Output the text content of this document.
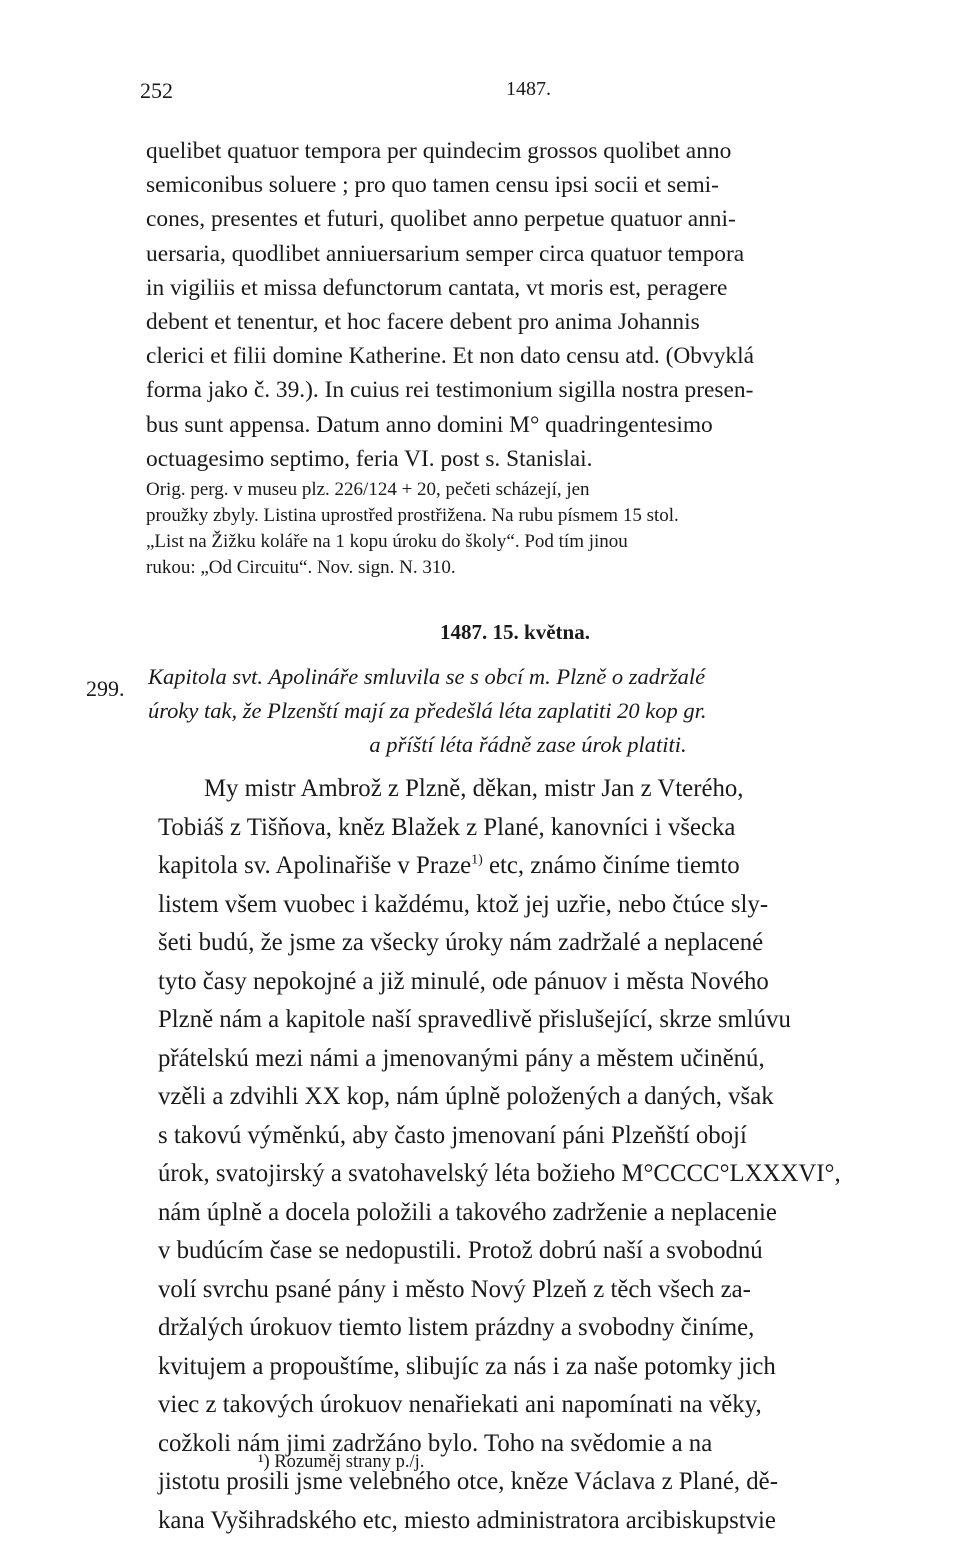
252	1487.
quelibet quatuor tempora per quindecim grossos quolibet anno
semiconibus soluere ; pro quo tamen censu ipsi socii et semi-
cones, presentes et futuri, quolibet anno perpetue quatuor anni-
uersaria, quodlibet anniuersarium semper circa quatuor tempora
in vigiliis et missa defunctorum cantata, vt moris est, peragere
debent et tenentur, et hoc facere debent pro anima Johannis
clerici et filii domine Katherine. Et non dato censu atd. (Obvyklá
forma jako č. 39.). In cuius rei testimonium sigilla nostra presen-
bus sunt appensa. Datum anno domini M° quadringentesimo
octuagesimo septimo, feria VI. post s. Stanislai.
Orig. perg. v museu plz. 226/124 + 20, pečeti scházejí, jen
proužky zbyly. Listina uprostřed prostřižena. Na rubu písmem 15 stol.
„List na Žižku koláře na 1 kopu úroku do školy“. Pod tím jinou
rukou: „Od Circuitu“. Nov. sign. N. 310.
1487. 15. května.
299. Kapitola svt. Apolináře smluvila se s obcí m. Plzně o zadržalé
úroky tak, že Plzenští mají za předešlá léta zaplatiti 20 kop gr.
a příští léta řádně zase úrok platiti.
My mistr Ambrož z Plzně, děkan, mistr Jan z Vterého,
Tobiáš z Tišňova, kněz Blažek z Plané, kanovníci i všecka
kapitola sv. Apolinařiše v Praze$^{1)}$ etc, známo činíme tiemto
listem všem vuobec i každému, ktož jej uzřie, nebo čtúce sly-
šeti budú, že jsme za všecky úroky nám zadržalé a neplacené
tyto časy nepokojné a již minulé, ode pánuov i města Nového
Plzně nám a kapitole naší spravedlivě přislušející, skrze smlúvu
přátelskú mezi námi a jmenovanými pány a městem učiněnú,
vzěli a zdvihli XX kop, nám úplně položených a daných, však
s takovú výměnkú, aby často jmenovaní páni Plzeňští obojí
úrok, svatojirský a svatohavelský léta božieho M°CCCC°LXXXVI°,
nám úplně a docela položili a takového zadrženie a neplacenie
v budúcím čase se nedopustili. Protož dobrú naší a svobodnú
volí svrchu psané pány i město Nový Plzeň z těch všech za-
držalých úrokuov tiemto listem prázdny a svobodny činíme,
kvitujem a propouštíme, slibujíc za nás i za naše potomky jich
viec z takových úrokuov nenařiekati ani napomínati na věky,
cožkoli nám jimi zadržáno bylo. Toho na svědomie a na
jistotu prosili jsme velebného otce, kněze Václava z Plané, dě-
kana Vyšihradského etc, miesto administratora arcibiskupstvie
¹) Rozuměj strany p./j.
